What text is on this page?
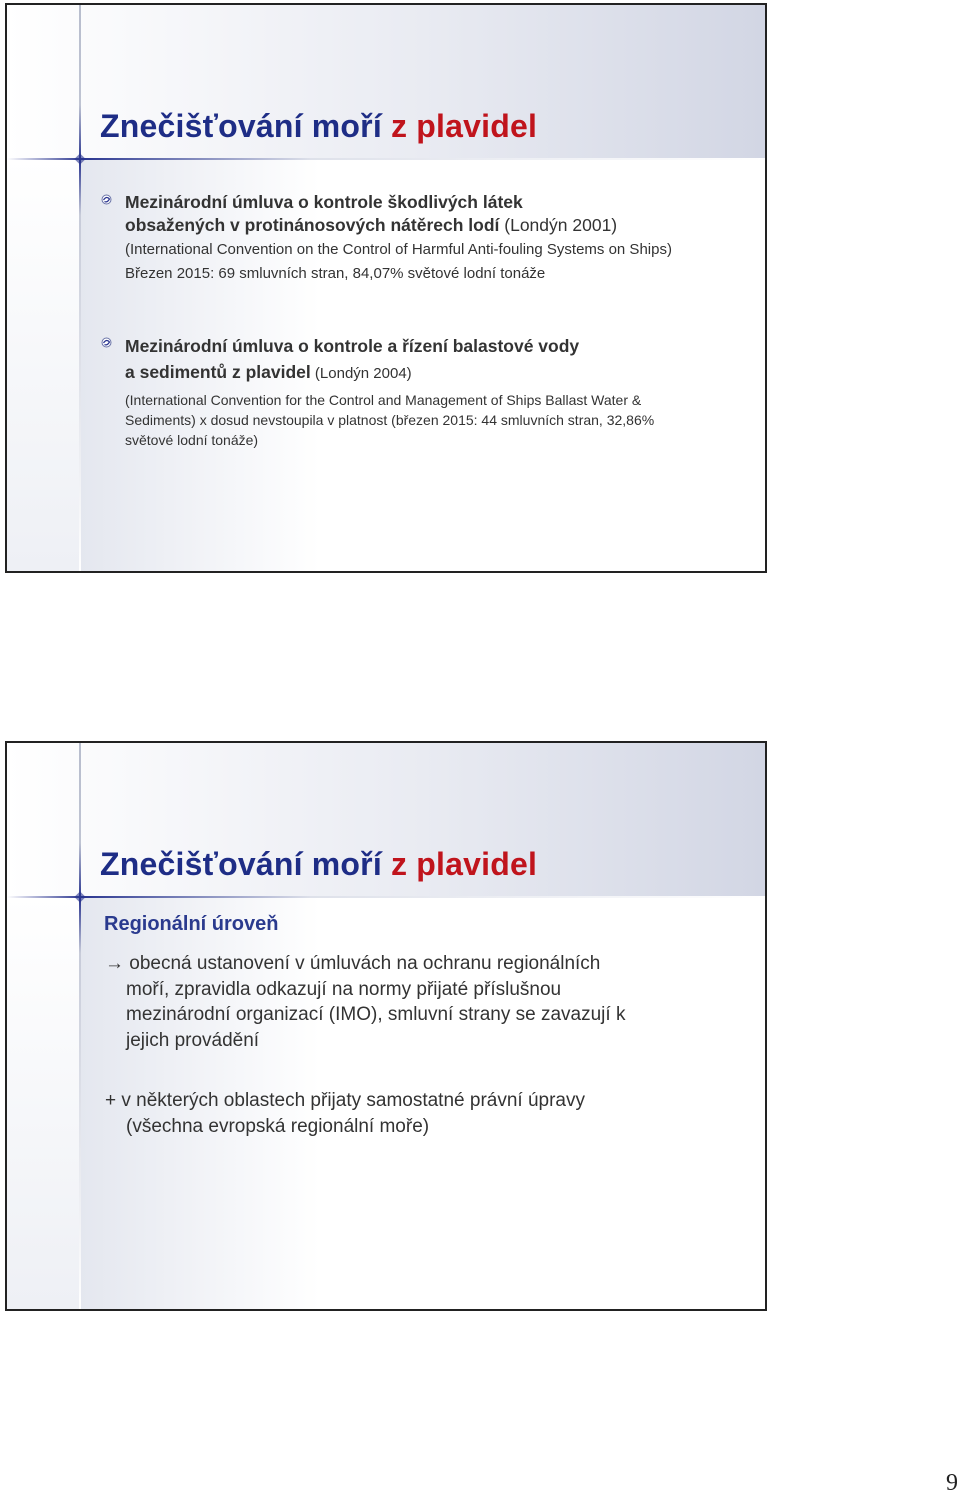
Znečišťování moří z plavidel

Mezinárodní úmluva o kontrole škodlivých látek

obsažených v protinánosových nátěrech lodí (Londýn 2001)

(International Convention on the Control of Harmful Anti-fouling Systems on Ships)

Březen 2015: 69 smluvních stran, 84,07% světové lodní tonáže

Mezinárodní úmluva o kontrole a řízení balastové vody

a sedimentů z plavidel (Londýn 2004)

(International Convention for the Control and Management of Ships Ballast Water & Sediments) x dosud nevstoupila v platnost (březen 2015: 44 smluvních stran, 32,86% světové lodní tonáže)

Znečišťování moří z plavidel

Regionální úroveň

→ obecná ustanovení v úmluvách na ochranu regionálních

moří, zpravidla odkazují na normy přijaté příslušnou

mezinárodní organizací (IMO), smluvní strany se zavazují k

jejich provádění

+ v některých oblastech přijaty samostatné právní úpravy

(všechna evropská regionální moře)

9
